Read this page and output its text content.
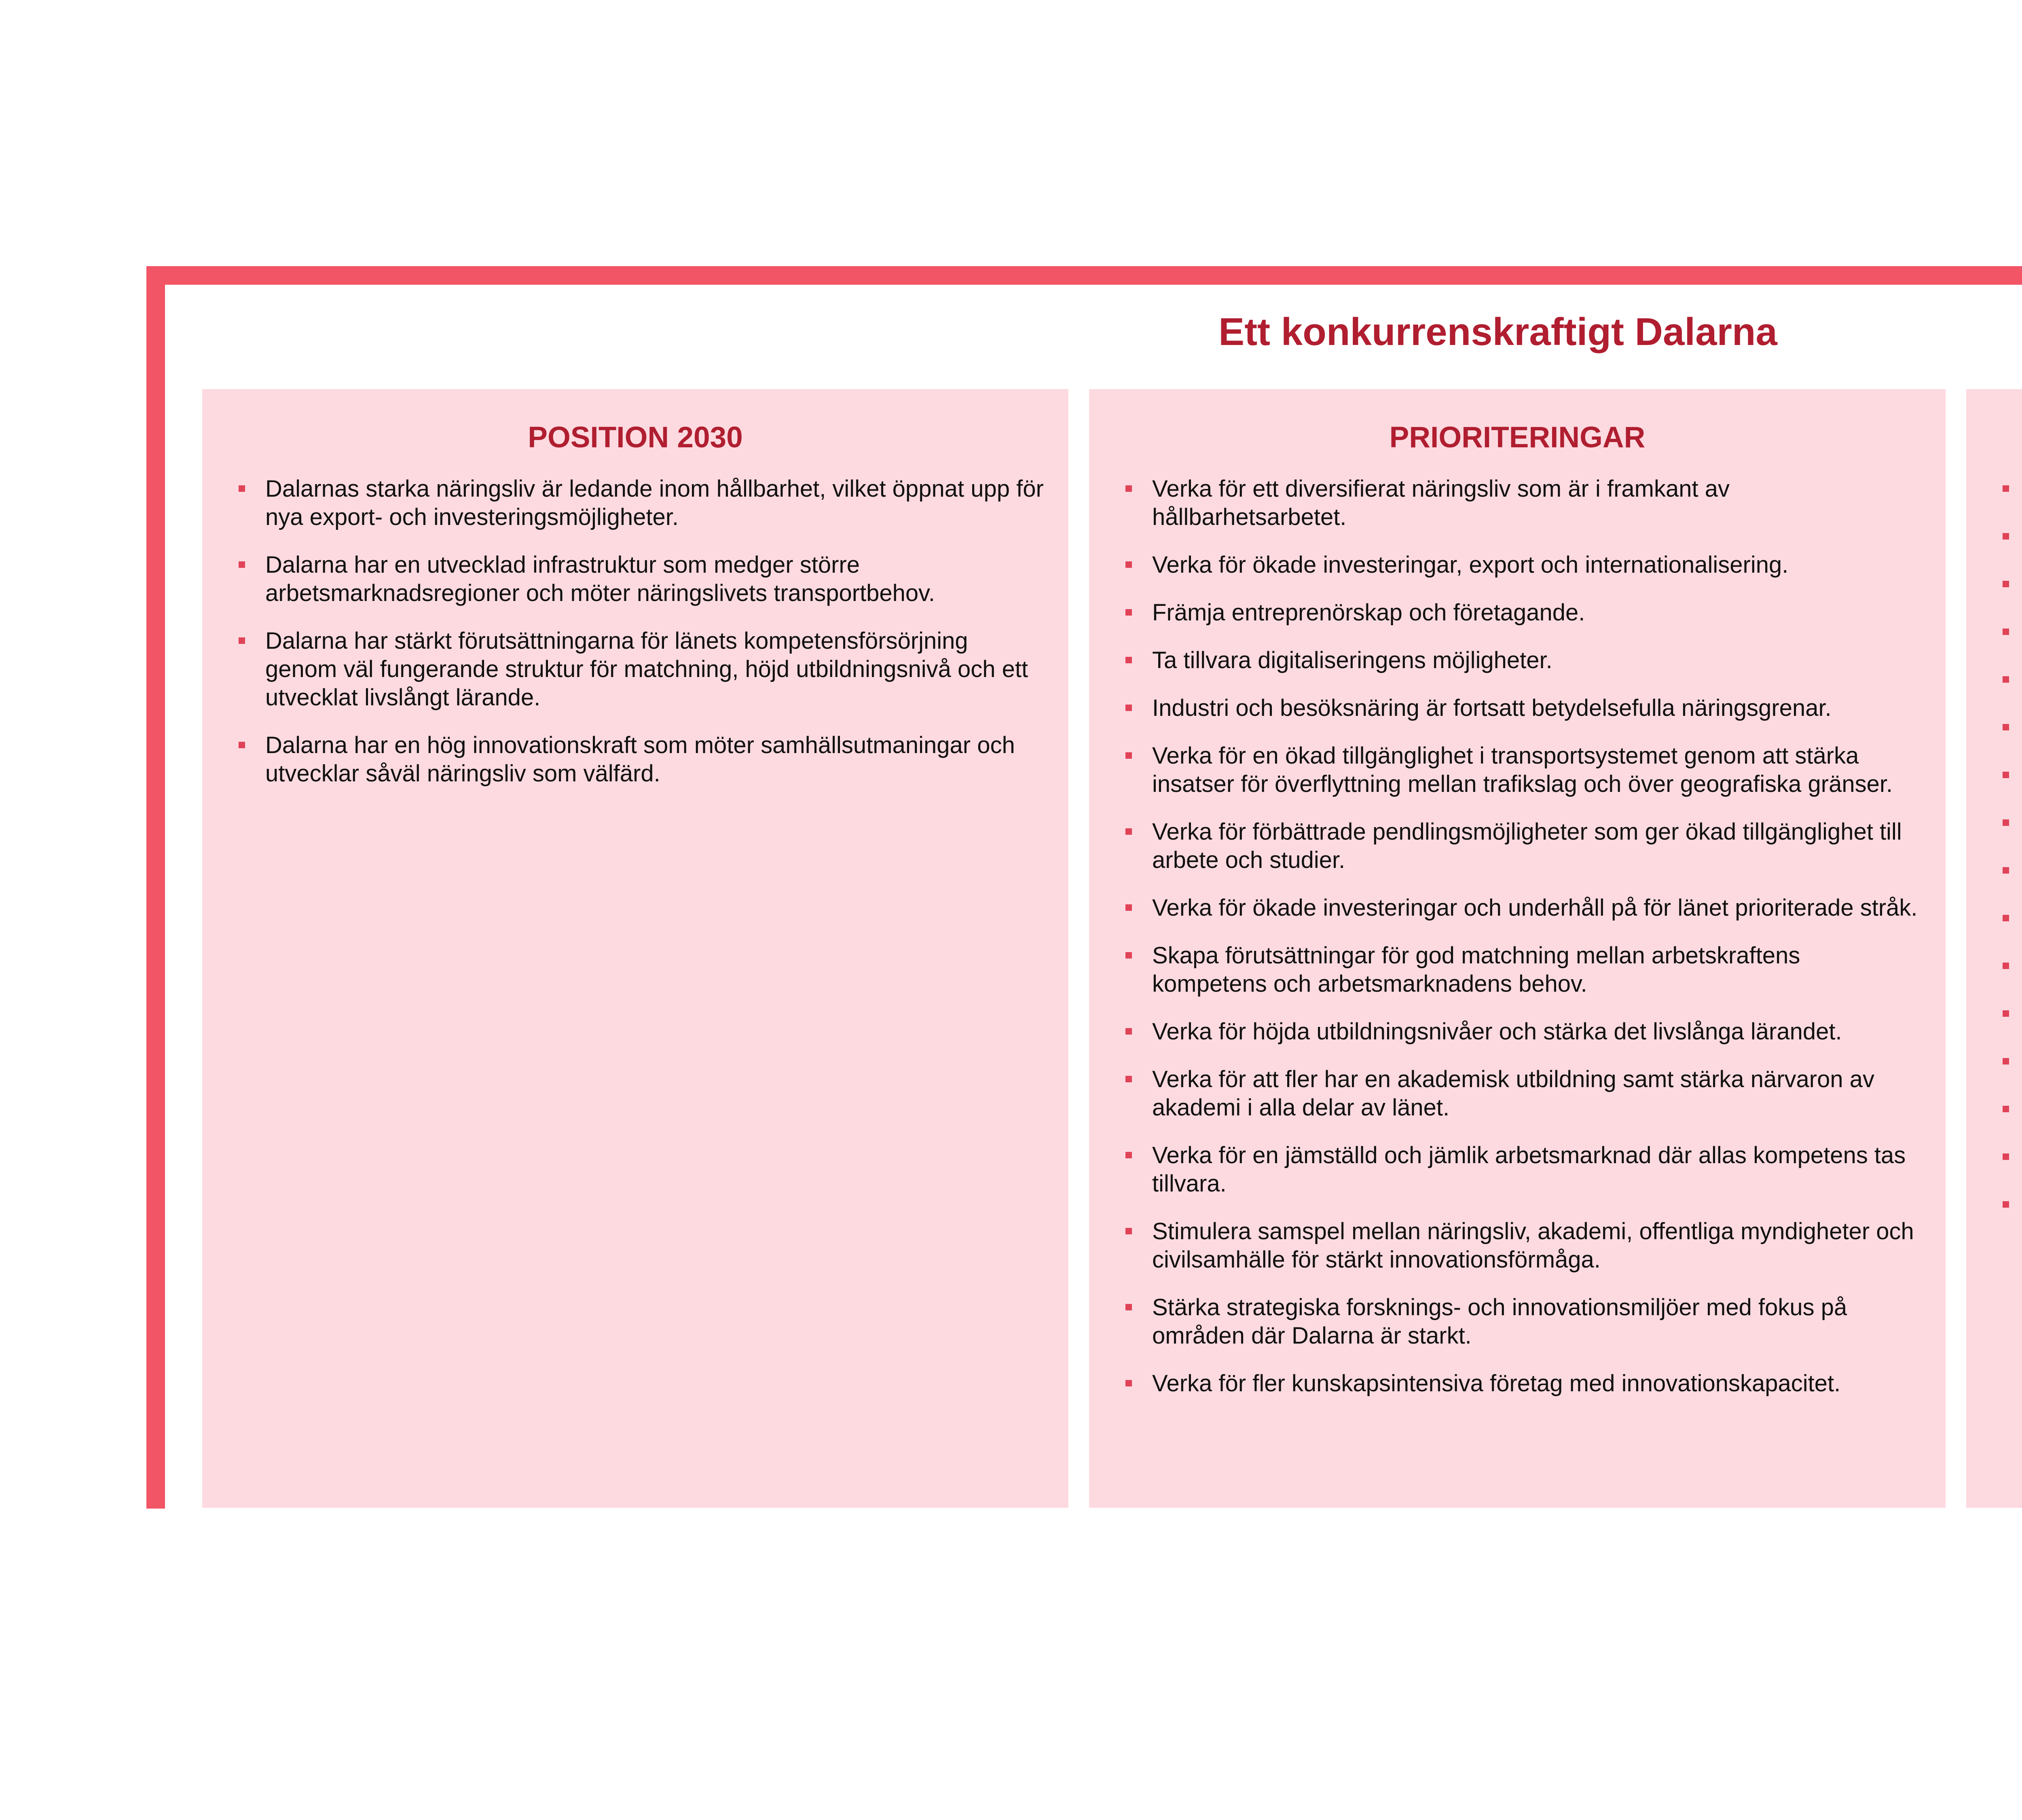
Ett konkurrenskraftigt Dalarna
POSITION 2030
Dalarnas starka näringsliv är ledande inom hållbarhet, vilket öppnat upp för nya export- och investeringsmöjligheter.
Dalarna har en utvecklad infrastruktur som medger större arbetsmarknadsregioner och möter näringslivets transportbehov.
Dalarna har stärkt förutsättningarna för länets kompetensförsörjning genom väl fungerande struktur för matchning, höjd utbildningsnivå och ett utvecklat livslångt lärande.
Dalarna har en hög innovationskraft som möter samhällsutmaningar och utvecklar såväl näringsliv som välfärd.
PRIORITERINGAR
Verka för ett diversifierat näringsliv som är i framkant av hållbarhetsarbetet.
Verka för ökade investeringar, export och internationalisering.
Främja entreprenörskap och företagande.
Ta tillvara digitaliseringens möjligheter.
Industri och besöksnäring är fortsatt betydelsefulla näringsgrenar.
Verka för en ökad tillgänglighet i transportsystemet genom att stärka insatser för överflyttning mellan trafikslag och över geografiska gränser.
Verka för förbättrade pendlingsmöjligheter som ger ökad tillgänglighet till arbete och studier.
Verka för ökade investeringar och underhåll på för länet prioriterade stråk.
Skapa förutsättningar för god matchning mellan arbetskraftens kompetens och arbetsmarknadens behov.
Verka för höjda utbildningsnivåer och stärka det livslånga lärandet.
Verka för att fler har en akademisk utbildning samt stärka närvaron av akademi i alla delar av länet.
Verka för en jämställd och jämlik arbetsmarknad där allas kompetens tas tillvara.
Stimulera samspel mellan näringsliv, akademi, offentliga myndigheter och civilsamhälle för stärkt innovationsförmåga.
Stärka strategiska forsknings- och innovationsmiljöer med fokus på områden där Dalarna är starkt.
Verka för fler kunskapsintensiva företag med innovationskapacitet.
